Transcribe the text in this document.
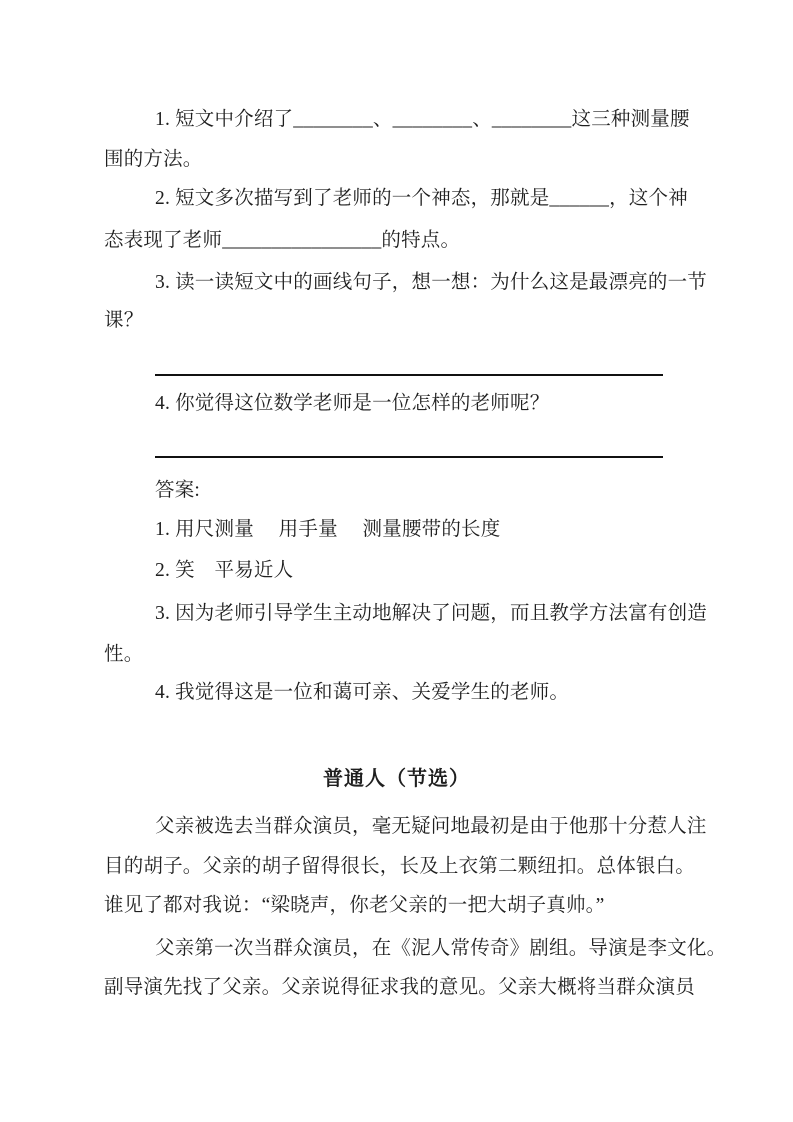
1. 短文中介绍了________、________、________这三种测量腰
围的方法。
2. 短文多次描写到了老师的一个神态，那就是______，这个神
态表现了老师________________的特点。
3. 读一读短文中的画线句子，想一想：为什么这是最漂亮的一节
课？
4. 你觉得这位数学老师是一位怎样的老师呢？
答案:
1. 用尺测量　 用手量　 测量腰带的长度
2. 笑　平易近人
3. 因为老师引导学生主动地解决了问题，而且教学方法富有创造
性。
4. 我觉得这是一位和蔼可亲、关爱学生的老师。
普通人（节选）
父亲被选去当群众演员，毫无疑问地最初是由于他那十分惹人注
目的胡子。父亲的胡子留得很长，长及上衣第二颗纽扣。总体银白。
谁见了都对我说：“梁晓声，你老父亲的一把大胡子真帅。”
父亲第一次当群众演员，在《泥人常传奇》剧组。导演是李文化。
副导演先找了父亲。父亲说得征求我的意见。父亲大概将当群众演员
